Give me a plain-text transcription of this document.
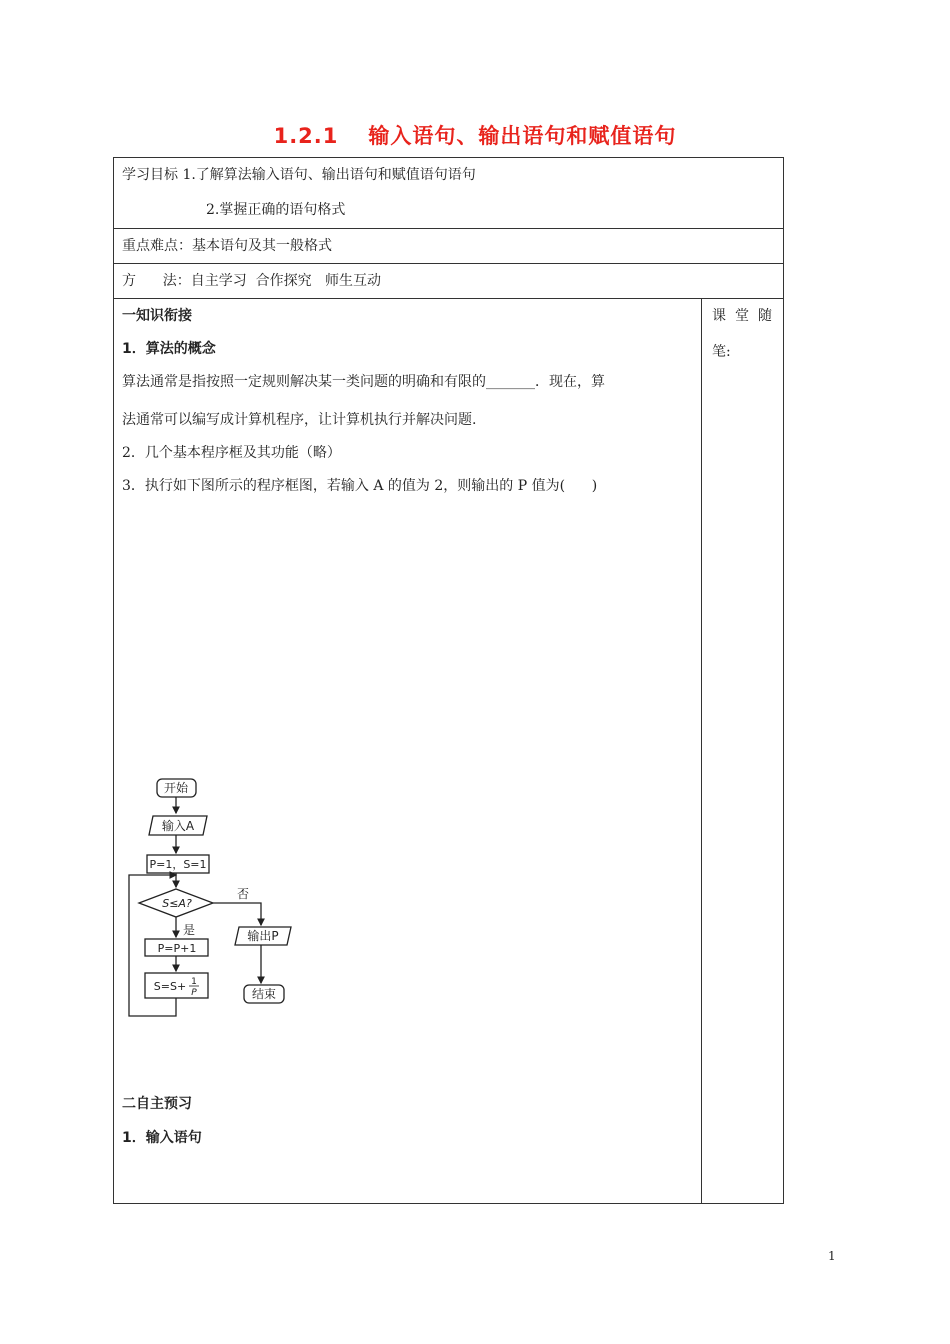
1.2.1 输入语句、输出语句和赋值语句
学习目标 1.了解算法输入语句、输出语句和赋值语句语句
2.掌握正确的语句格式
重点难点：基本语句及其一般格式
方      法：自主学习  合作探究   师生互动
一知识衔接
1．算法的概念
算法通常是指按照一定规则解决某一类问题的明确和有限的_______．现在，算
法通常可以编写成计算机程序，让计算机执行并解决问题.
2．几个基本程序框及其功能（略）
3．执行如下图所示的程序框图，若输入 A 的值为 2，则输出的 P 值为(      )
开始
输入A
P=1，S=1
S≤A?
否
是
P=P+1
S=S+ 1
P
输出P
结束
二自主预习
1．输入语句
课堂随
笔:
1
